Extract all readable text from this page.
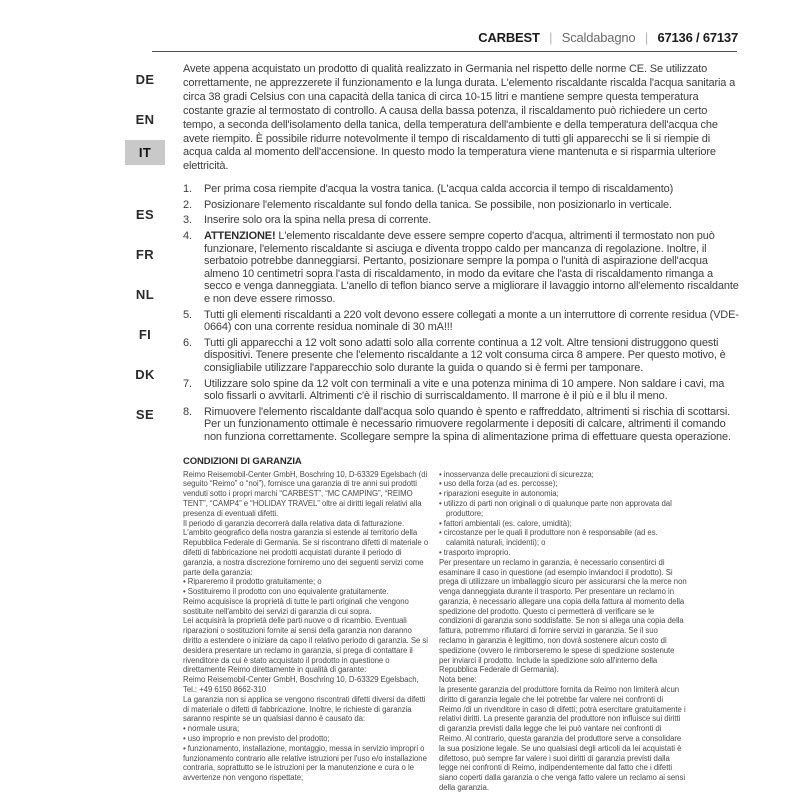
CARBEST | Scaldabagno | 67136 / 67137
DE
EN
IT
ES
FR
NL
FI
DK
SE
Avete appena acquistato un prodotto di qualità realizzato in Germania nel rispetto delle norme CE. Se utilizzato correttamente, ne apprezzerete il funzionamento e la lunga durata. L'elemento riscaldante riscalda l'acqua sanitaria a circa 38 gradi Celsius con una capacità della tanica di circa 10-15 litri e mantiene sempre questa temperatura costante grazie al termostato di controllo. A causa della bassa potenza, il riscaldamento può richiedere un certo tempo, a seconda dell'isolamento della tanica, della temperatura dell'ambiente e della temperatura dell'acqua che avete riempito. È possibile ridurre notevolmente il tempo di riscaldamento di tutti gli apparecchi se li si riempie di acqua calda al momento dell'accensione. In questo modo la temperatura viene mantenuta e si risparmia ulteriore elettricità.
1.	Per prima cosa riempite d'acqua la vostra tanica. (L'acqua calda accorcia il tempo di riscaldamento)
2.	Posizionare l'elemento riscaldante sul fondo della tanica. Se possibile, non posizionarlo in verticale.
3.	Inserire solo ora la spina nella presa di corrente.
4.	ATTENZIONE! L'elemento riscaldante deve essere sempre coperto d'acqua, altrimenti il termostato non può funzionare, l'elemento riscaldante si asciuga e diventa troppo caldo per mancanza di regolazione. Inoltre, il serbatoio potrebbe danneggiarsi. Pertanto, posizionare sempre la pompa o l'unità di aspirazione dell'acqua almeno 10 centimetri sopra l'asta di riscaldamento, in modo da evitare che l'asta di riscaldamento rimanga a secco e venga danneggiata. L'anello di teflon bianco serve a migliorare il lavaggio intorno all'elemento riscaldante e non deve essere rimosso.
5.	Tutti gli elementi riscaldanti a 220 volt devono essere collegati a monte a un interruttore di corrente residua (VDE-0664) con una corrente residua nominale di 30 mA!!!
6.	Tutti gli apparecchi a 12 volt sono adatti solo alla corrente continua a 12 volt. Altre tensioni distruggono questi dispositivi. Tenere presente che l'elemento riscaldante a 12 volt consuma circa 8 ampere. Per questo motivo, è consigliabile utilizzare l'apparecchio solo durante la guida o quando si è fermi per tamponare.
7.	Utilizzare solo spine da 12 volt con terminali a vite e una potenza minima di 10 ampere. Non saldare i cavi, ma solo fissarli o avvitarli. Altrimenti c'è il rischio di surriscaldamento. Il marrone è il più e il blu il meno.
8.	Rimuovere l'elemento riscaldante dall'acqua solo quando è spento e raffreddato, altrimenti si rischia di scottarsi. Per un funzionamento ottimale è necessario rimuovere regolarmente i depositi di calcare, altrimenti il comando non funziona correttamente. Scollegare sempre la spina di alimentazione prima di effettuare questa operazione.
CONDIZIONI DI GARANZIA
Reimo Reisemobil-Center GmbH, Boschring 10, D-63329 Egelsbach (di seguito “Reimo” o “noi”), fornisce una garanzia di tre anni sui prodotti venduti sotto i propri marchi “CARBEST”, “MC CAMPING”, “REIMO TENT”, “CAMP4” e “HOLIDAY TRAVEL” oltre ai diritti legali relativi alla presenza di eventuali difetti.
Il periodo di garanzia decorrerà dalla relativa data di fatturazione. L'ambito geografico della nostra garanzia si estende al territorio della Repubblica Federale di Germania. Se si riscontrano difetti di materiale o difetti di fabbricazione nei prodotti acquistati durante il periodo di garanzia, a nostra discrezione forniremo uno dei seguenti servizi come parte della garanzia:
• Ripareremo il prodotto gratuitamente; o
• Sostituiremo il prodotto con uno equivalente gratuitamente.
Reimo acquisisce la proprietà di tutte le parti originali che vengono sostituite nell'ambito dei servizi di garanzia di cui sopra.
Lei acquisirà la proprietà delle parti nuove o di ricambio. Eventuali riparazioni o sostituzioni fornite ai sensi della garanzia non daranno diritto a estendere o iniziare da capo il relativo periodo di garanzia. Se si desidera presentare un reclamo in garanzia, si prega di contattare il rivenditore da cui è stato acquistato il prodotto in questione o direttamente Reimo direttamente in qualità di garante:
Reimo Reisemobil-Center GmbH, Boschring 10, D-63329 Egelsbach,
Tel.: +49 6150 8662-310
La garanzia non si applica se vengono riscontrati difetti diversi da difetti di materiale o difetti di fabbricazione. Inoltre, le richieste di garanzia saranno respinte se un qualsiasi danno è causato da:
• normale usura;
• uso improprio e non previsto del prodotto;
• funzionamento, installazione, montaggio, messa in servizio impropri o funzionamento contrario alle relative istruzioni per l'uso e/o installazione contraria, soprattutto se le istruzioni per la manutenzione e cura o le avvertenze non vengono rispettate;
• inosservanza delle precauzioni di sicurezza;
• uso della forza (ad es. percosse);
• riparazioni eseguite in autonomia;
• utilizzo di parti non originali o di qualunque parte non approvata dal produttore;
• fattori ambientali (es. calore, umidità);
• circostanze per le quali il produttore non è responsabile (ad es. calamità naturali, incidenti); o
• trasporto improprio.
Per presentare un reclamo in garanzia, è necessario consentirci di esaminare il caso in questione (ad esempio inviandoci il prodotto). Si prega di utilizzare un imballaggio sicuro per assicurarsi che la merce non venga danneggiata durante il trasporto. Per presentare un reclamo in garanzia, è necessario allegare una copia della fattura al momento della spedizione del prodotto. Questo ci permetterà di verificare se le condizioni di garanzia sono soddisfatte. Se non si allega una copia della fattura, potremmo rifiutarci di fornire servizi in garanzia. Se il suo reclamo in garanzia è legittimo, non dovrà sostenere alcun costo di spedizione (ovvero le rimborseremo le spese di spedizione sostenute per inviarci il prodotto. Include la spedizione solo all'interno della Repubblica Federale di Germania).
Nota bene:
la presente garanzia del produttore fornita da Reimo non limiterà alcun diritto di garanzia legale che lei potrebbe far valere nei confronti di Reimo /di un rivenditore in caso di difetti; potrà esercitare gratuitamente i relativi diritti. La presente garanzia del produttore non influisce sui diritti di garanzia previsti dalla legge che lei può vantare nei confronti di Reimo. Al contrario, questa garanzia del produttore serve a consolidare la sua posizione legale. Se uno qualsiasi degli articoli da lei acquistati è difettoso, può sempre far valere i suoi diritti di garanzia previsti dalla legge nei confronti di Reimo, indipendentemente dal fatto che i difetti siano coperti dalla garanzia o che venga fatto valere un reclamo ai sensi della garanzia.
